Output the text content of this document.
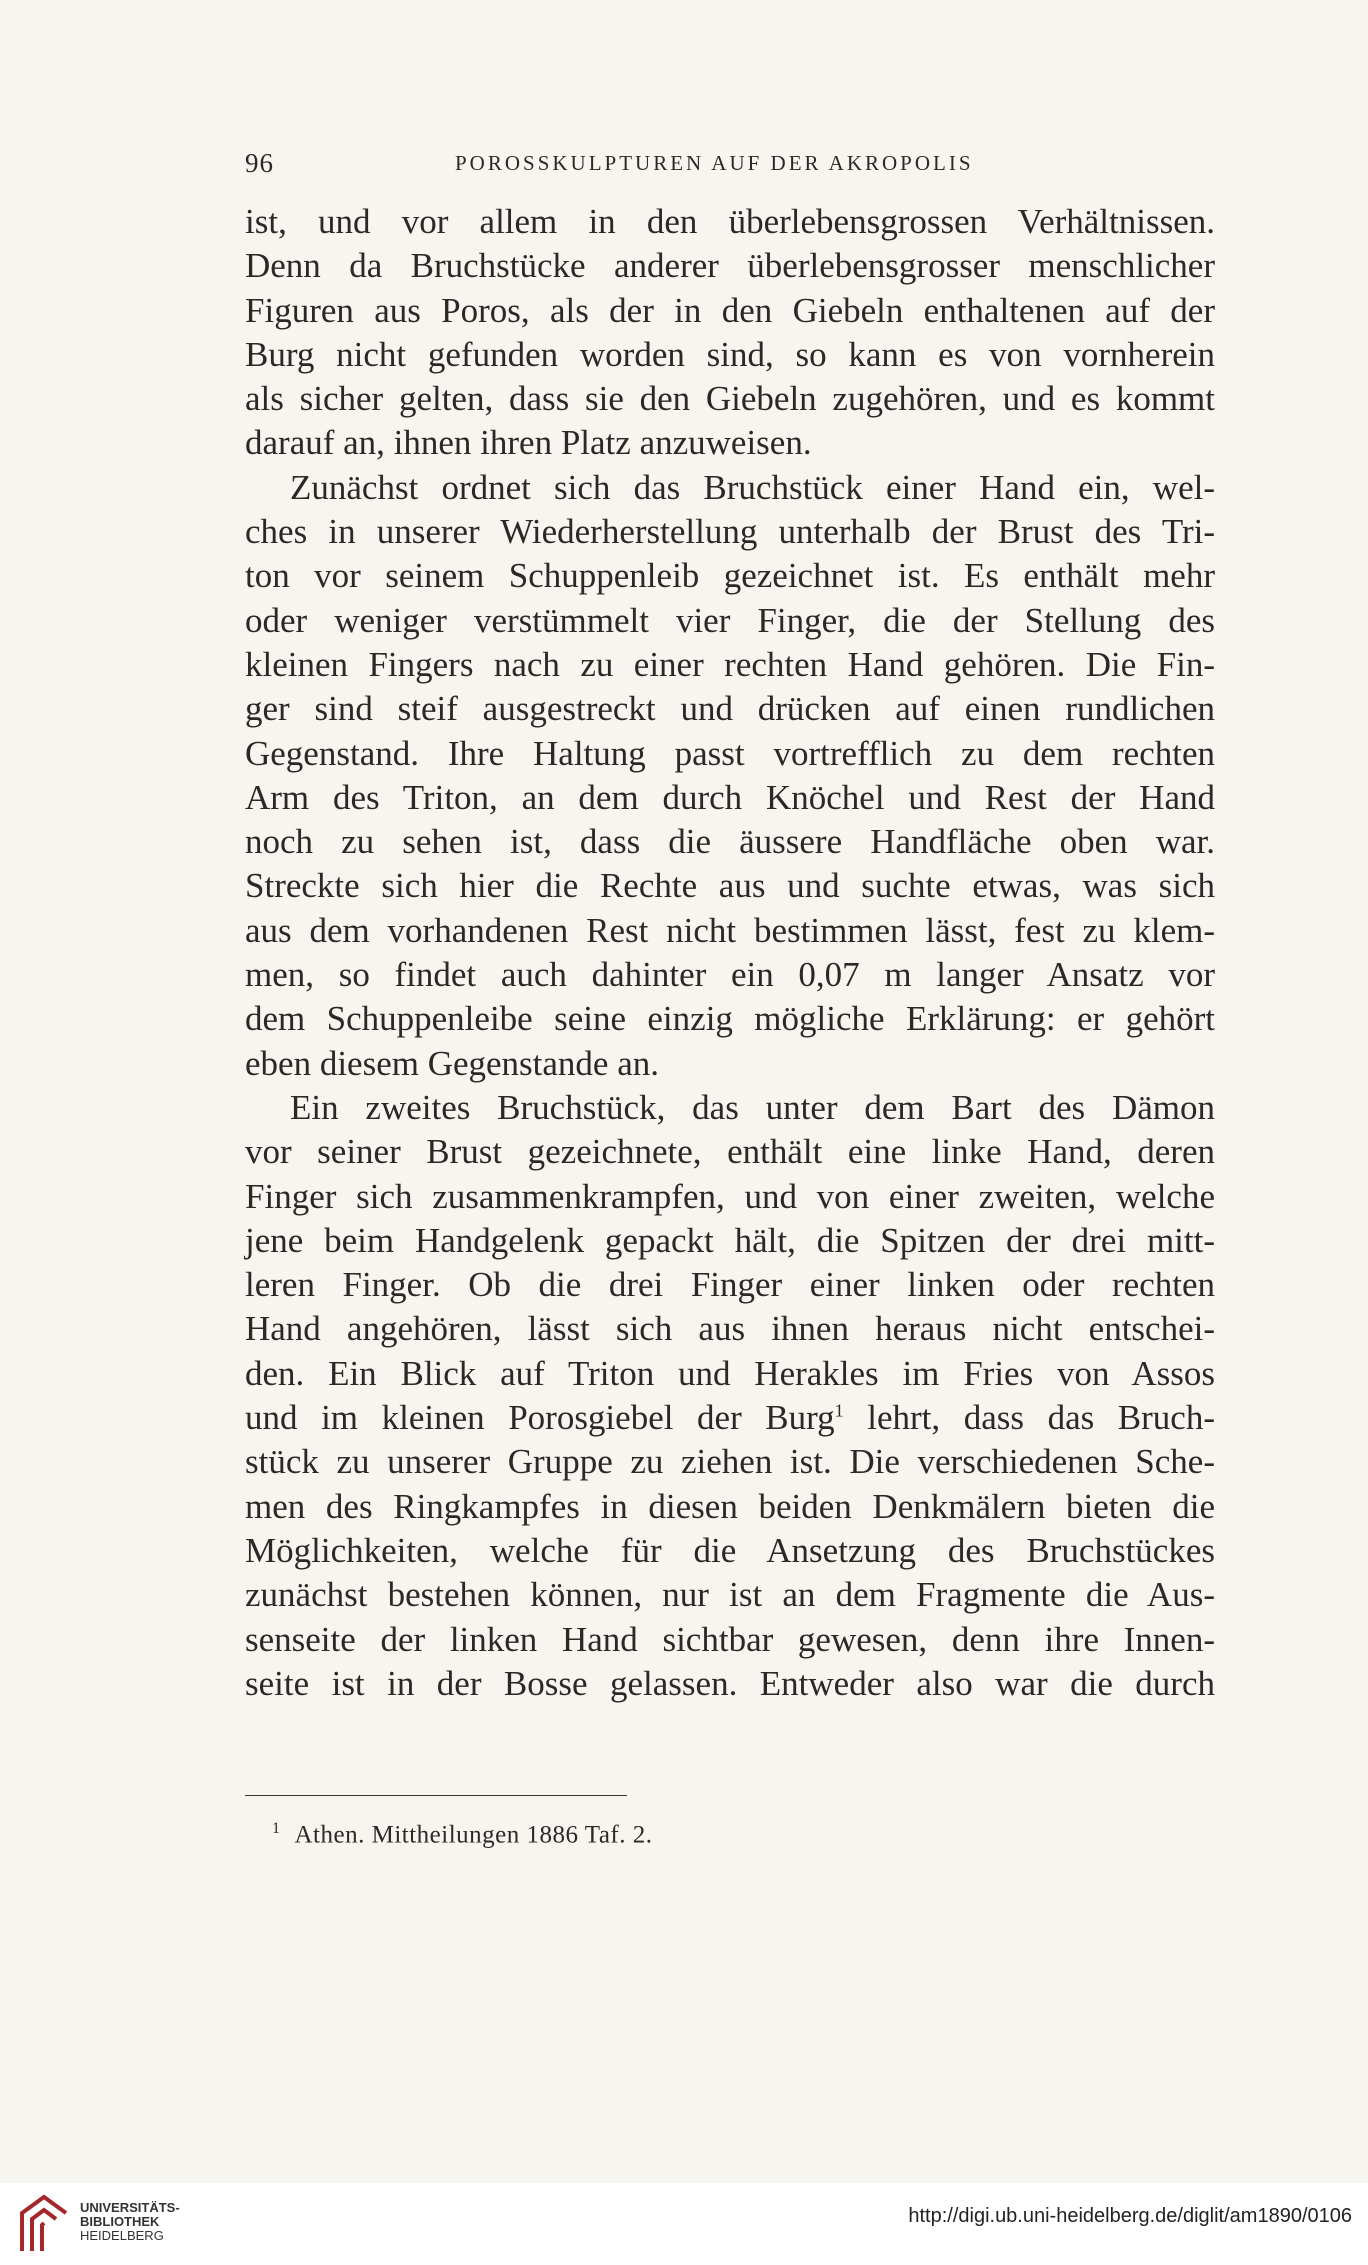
96	POROSSKULPTUREN AUF DER AKROPOLIS
ist, und vor allem in den überlebensgrossen Verhältnissen.
Denn da Bruchstücke anderer überlebensgrosser menschlicher
Figuren aus Poros, als der in den Giebeln enthaltenen auf der
Burg nicht gefunden worden sind, so kann es von vornherein
als sicher gelten, dass sie den Giebeln zugehören, und es kommt
darauf an, ihnen ihren Platz anzuweisen.
Zunächst ordnet sich das Bruchstück einer Hand ein, wel-
ches in unserer Wiederherstellung unterhalb der Brust des Tri-
ton vor seinem Schuppenleib gezeichnet ist. Es enthält mehr
oder weniger verstümmelt vier Finger, die der Stellung des
kleinen Fingers nach zu einer rechten Hand gehören. Die Fin-
ger sind steif ausgestreckt und drücken auf einen rundlichen
Gegenstand. Ihre Haltung passt vortrefflich zu dem rechten
Arm des Triton, an dem durch Knöchel und Rest der Hand
noch zu sehen ist, dass die äussere Handfläche oben war.
Streckte sich hier die Rechte aus und suchte etwas, was sich
aus dem vorhandenen Rest nicht bestimmen lässt, fest zu klem-
men, so findet auch dahinter ein 0,07 m langer Ansatz vor
dem Schuppenleibe seine einzig mögliche Erklärung: er gehört
eben diesem Gegenstande an.
Ein zweites Bruchstück, das unter dem Bart des Dämon
vor seiner Brust gezeichnete, enthält eine linke Hand, deren
Finger sich zusammenkrampfen, und von einer zweiten, welche
jene beim Handgelenk gepackt hält, die Spitzen der drei mitt-
leren Finger. Ob die drei Finger einer linken oder rechten
Hand angehören, lässt sich aus ihnen heraus nicht entschei-
den. Ein Blick auf Triton und Herakles im Fries von Assos
und im kleinen Porosgiebel der Burg$^1$ lehrt, dass das Bruch-
stück zu unserer Gruppe zu ziehen ist. Die verschiedenen Sche-
men des Ringkampfes in diesen beiden Denkmälern bieten die
Möglichkeiten, welche für die Ansetzung des Bruchstückes
zunächst bestehen können, nur ist an dem Fragmente die Aus-
senseite der linken Hand sichtbar gewesen, denn ihre Innen-
seite ist in der Bosse gelassen. Entweder also war die durch
$^1$ Athen. Mittheilungen 1886 Taf. 2.
UNIVERSITÄTS-
BIBLIOTHEK
HEIDELBERG
http://digi.ub.uni-heidelberg.de/diglit/am1890/0106
